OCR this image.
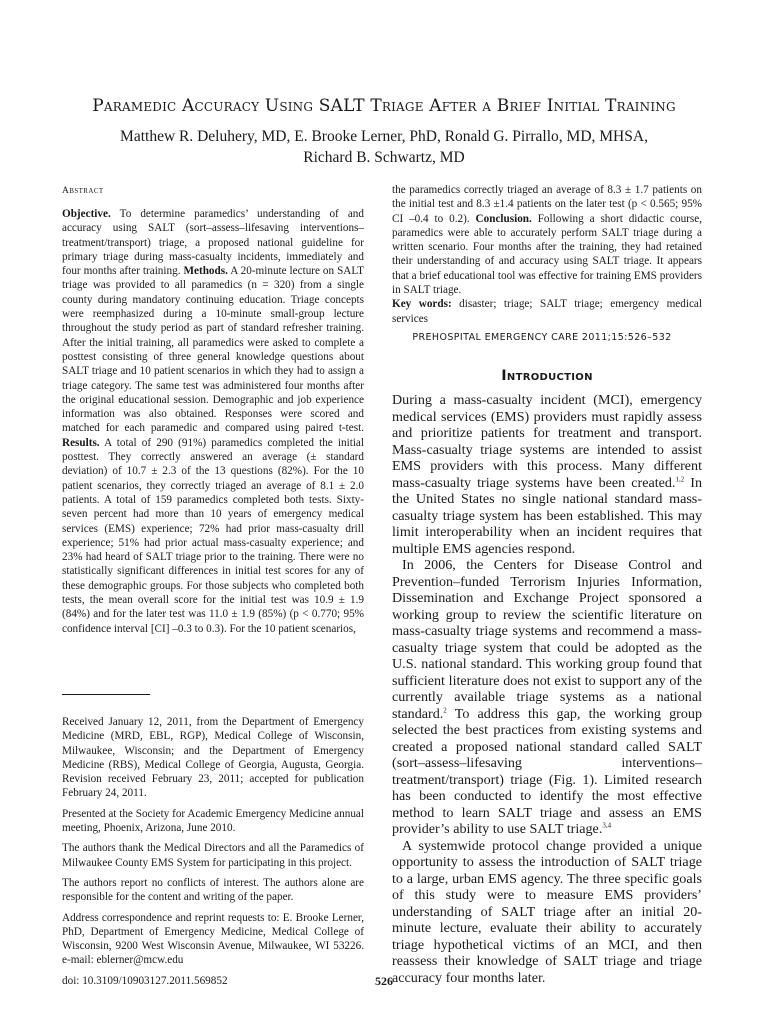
Paramedic Accuracy Using SALT Triage After a Brief Initial Training
Matthew R. Deluhery, MD, E. Brooke Lerner, PhD, Ronald G. Pirrallo, MD, MHSA,
Richard B. Schwartz, MD
Abstract
Objective. To determine paramedics’ understanding of and accuracy using SALT (sort–assess–lifesaving interventions–treatment/transport) triage, a proposed national guideline for primary triage during mass-casualty incidents, immediately and four months after training. Methods. A 20-minute lecture on SALT triage was provided to all paramedics (n = 320) from a single county during mandatory continuing education. Triage concepts were reemphasized during a 10-minute small-group lecture throughout the study period as part of standard refresher training. After the initial training, all paramedics were asked to complete a posttest consisting of three general knowledge questions about SALT triage and 10 patient scenarios in which they had to assign a triage category. The same test was administered four months after the original educational session. Demographic and job experience information was also obtained. Responses were scored and matched for each paramedic and compared using paired t-test. Results. A total of 290 (91%) paramedics completed the initial posttest. They correctly answered an average (± standard deviation) of 10.7 ± 2.3 of the 13 questions (82%). For the 10 patient scenarios, they correctly triaged an average of 8.1 ± 2.0 patients. A total of 159 paramedics completed both tests. Sixty-seven percent had more than 10 years of emergency medical services (EMS) experience; 72% had prior mass-casualty drill experience; 51% had prior actual mass-casualty experience; and 23% had heard of SALT triage prior to the training. There were no statistically significant differences in initial test scores for any of these demographic groups. For those subjects who completed both tests, the mean overall score for the initial test was 10.9 ± 1.9 (84%) and for the later test was 11.0 ± 1.9 (85%) (p < 0.770; 95% confidence interval [CI] –0.3 to 0.3). For the 10 patient scenarios,

Received January 12, 2011, from the Department of Emergency Medicine (MRD, EBL, RGP), Medical College of Wisconsin, Milwaukee, Wisconsin; and the Department of Emergency Medicine (RBS), Medical College of Georgia, Augusta, Georgia. Revision received February 23, 2011; accepted for publication February 24, 2011.

Presented at the Society for Academic Emergency Medicine annual meeting, Phoenix, Arizona, June 2010.

The authors thank the Medical Directors and all the Paramedics of Milwaukee County EMS System for participating in this project.

The authors report no conflicts of interest. The authors alone are responsible for the content and writing of the paper.

Address correspondence and reprint requests to: E. Brooke Lerner, PhD, Department of Emergency Medicine, Medical College of Wisconsin, 9200 West Wisconsin Avenue, Milwaukee, WI 53226. e-mail: eblerner@mcw.edu

doi: 10.3109/10903127.2011.569852

the paramedics correctly triaged an average of 8.3 ± 1.7 patients on the initial test and 8.3 ±1.4 patients on the later test (p < 0.565; 95% CI –0.4 to 0.2). Conclusion. Following a short didactic course, paramedics were able to accurately perform SALT triage during a written scenario. Four months after the training, they had retained their understanding of and accuracy using SALT triage. It appears that a brief educational tool was effective for training EMS providers in SALT triage.
Key words: disaster; triage; SALT triage; emergency medical services
PREHOSPITAL EMERGENCY CARE 2011;15:526–532
Introduction

During a mass-casualty incident (MCI), emergency medical services (EMS) providers must rapidly assess and prioritize patients for treatment and transport. Mass-casualty triage systems are intended to assist EMS providers with this process. Many different mass-casualty triage systems have been created.$^{1,2}$ In the United States no single national standard mass-casualty triage system has been established. This may limit interoperability when an incident requires that multiple EMS agencies respond.

In 2006, the Centers for Disease Control and Prevention–funded Terrorism Injuries Information, Dissemination and Exchange Project sponsored a working group to review the scientific literature on mass-casualty triage systems and recommend a mass-casualty triage system that could be adopted as the U.S. national standard. This working group found that sufficient literature does not exist to support any of the currently available triage systems as a national standard.$^2$ To address this gap, the working group selected the best practices from existing systems and created a proposed national standard called SALT (sort–assess–lifesaving interventions–treatment/transport) triage (Fig. 1). Limited research has been conducted to identify the most effective method to learn SALT triage and assess an EMS provider’s ability to use SALT triage.$^{3,4}$

A systemwide protocol change provided a unique opportunity to assess the introduction of SALT triage to a large, urban EMS agency. The three specific goals of this study were to measure EMS providers’ understanding of SALT triage after an initial 20-minute lecture, evaluate their ability to accurately triage hypothetical victims of an MCI, and then reassess their knowledge of SALT triage and triage accuracy four months later.

526
